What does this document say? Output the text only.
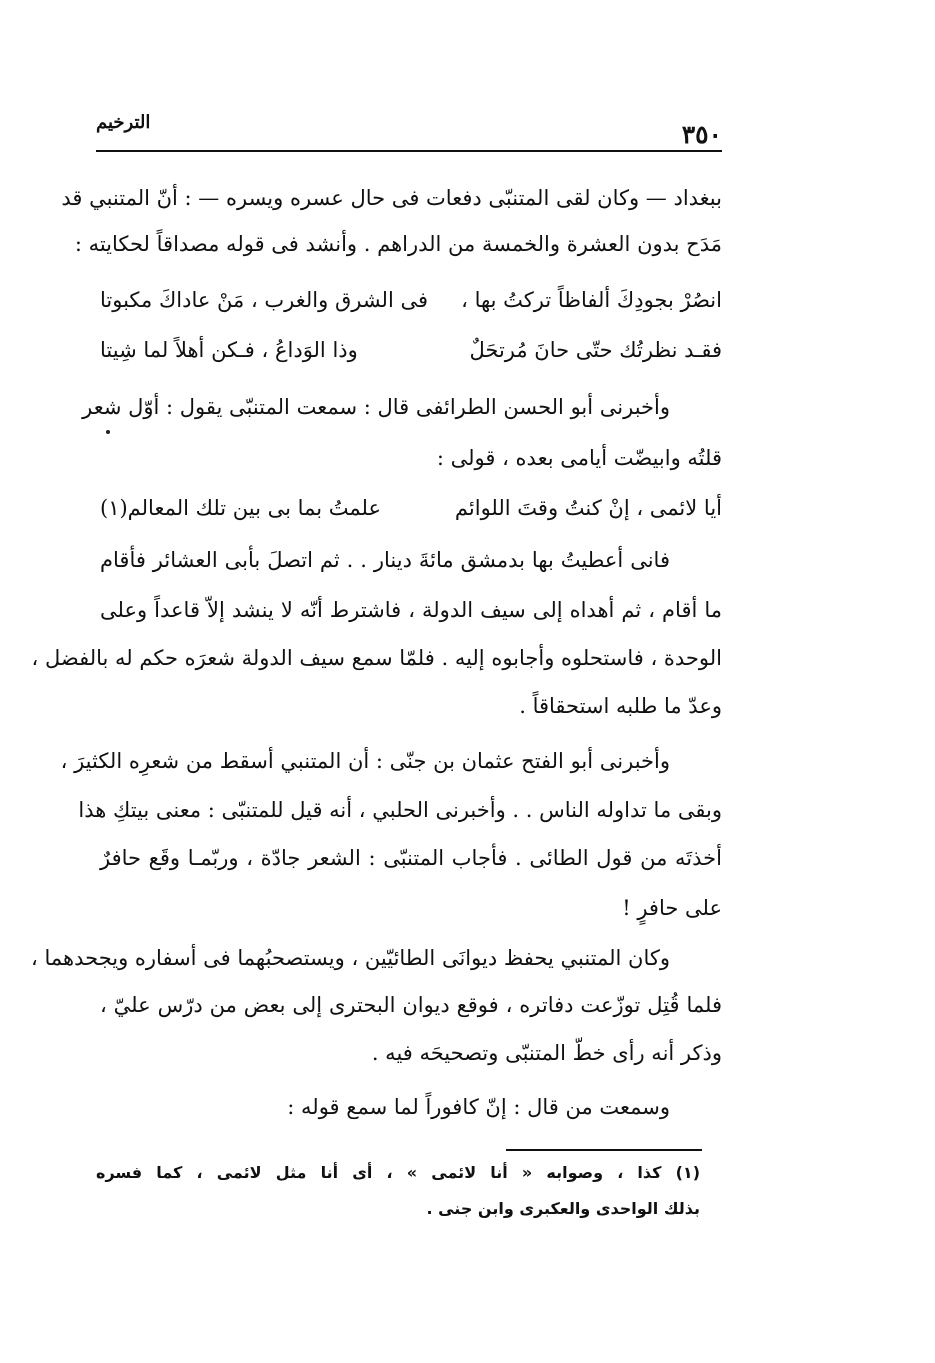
٣٥٠
الترخيم
ببغداد — وكان لقى المتنبّى دفعات فى حال عسره ويسره — : أنّ المتنبي قد
مَدَح بدون العشرة والخمسة من الدراهم . وأنشد فى قوله مصداقاً لحكايته :
انصُرْ بجودِكَ ألفاظاً تركتُ بها ،
فى الشرق والغرب ، مَنْ عاداكَ مكبوتا
فقـد نظرتُك حتّى حانَ مُرتحَلٌ
وذا الوَداعُ ، فـكن أهلاً لما شِيتا
وأخبرنى أبو الحسن الطرائفى قال : سمعت المتنبّى يقول : أوّل شعر
قلتُه وابيضّت أيامى بعده ، قولى :
أيا لائمى ، إنْ كنتُ وقتَ اللوائم
علمتُ بما بى بين تلك المعالم(١)
فانى أعطيتُ بها بدمشق مائةَ دينار . . ثم اتصلَ بأبى العشائر فأقام
ما أقام ، ثم أهداه إلى سيف الدولة ، فاشترط أنّه لا ينشد إلاّ قاعداً وعلى
الوحدة ، فاستحلوه وأجابوه إليه . فلمّا سمع سيف الدولة شعرَه حكم له بالفضل ،
وعدّ ما طلبه استحقاقاً .
وأخبرنى أبو الفتح عثمان بن جنّى : أن المتنبي أسقط من شعرِه الكثيرَ ،
وبقى ما تداوله الناس . . وأخبرنى الحلبي ، أنه قيل للمتنبّى : معنى بيتكِ هذا
أخذتَه من قول الطائى . فأجاب المتنبّى : الشعر جادّة ، وربّمـا وقَع حافرٌ
على حافرٍ !
وكان المتنبي يحفظ ديوانَى الطائيّين ، ويستصحبُهما فى أسفاره ويجحدهما ،
فلما قُتِل توزّعت دفاتره ، فوقع ديوان البحترى إلى بعض من درّس عليّ ،
وذكر أنه رأى خطّ المتنبّى وتصحيحَه فيه .
وسمعت من قال : إنّ كافوراً لما سمع قوله :
(١) كذا ، وصوابه « أنا لائمى » ، أى أنا مثل لائمى ، كما فسره
بذلك الواحدى والعكبرى وابن جنى .
